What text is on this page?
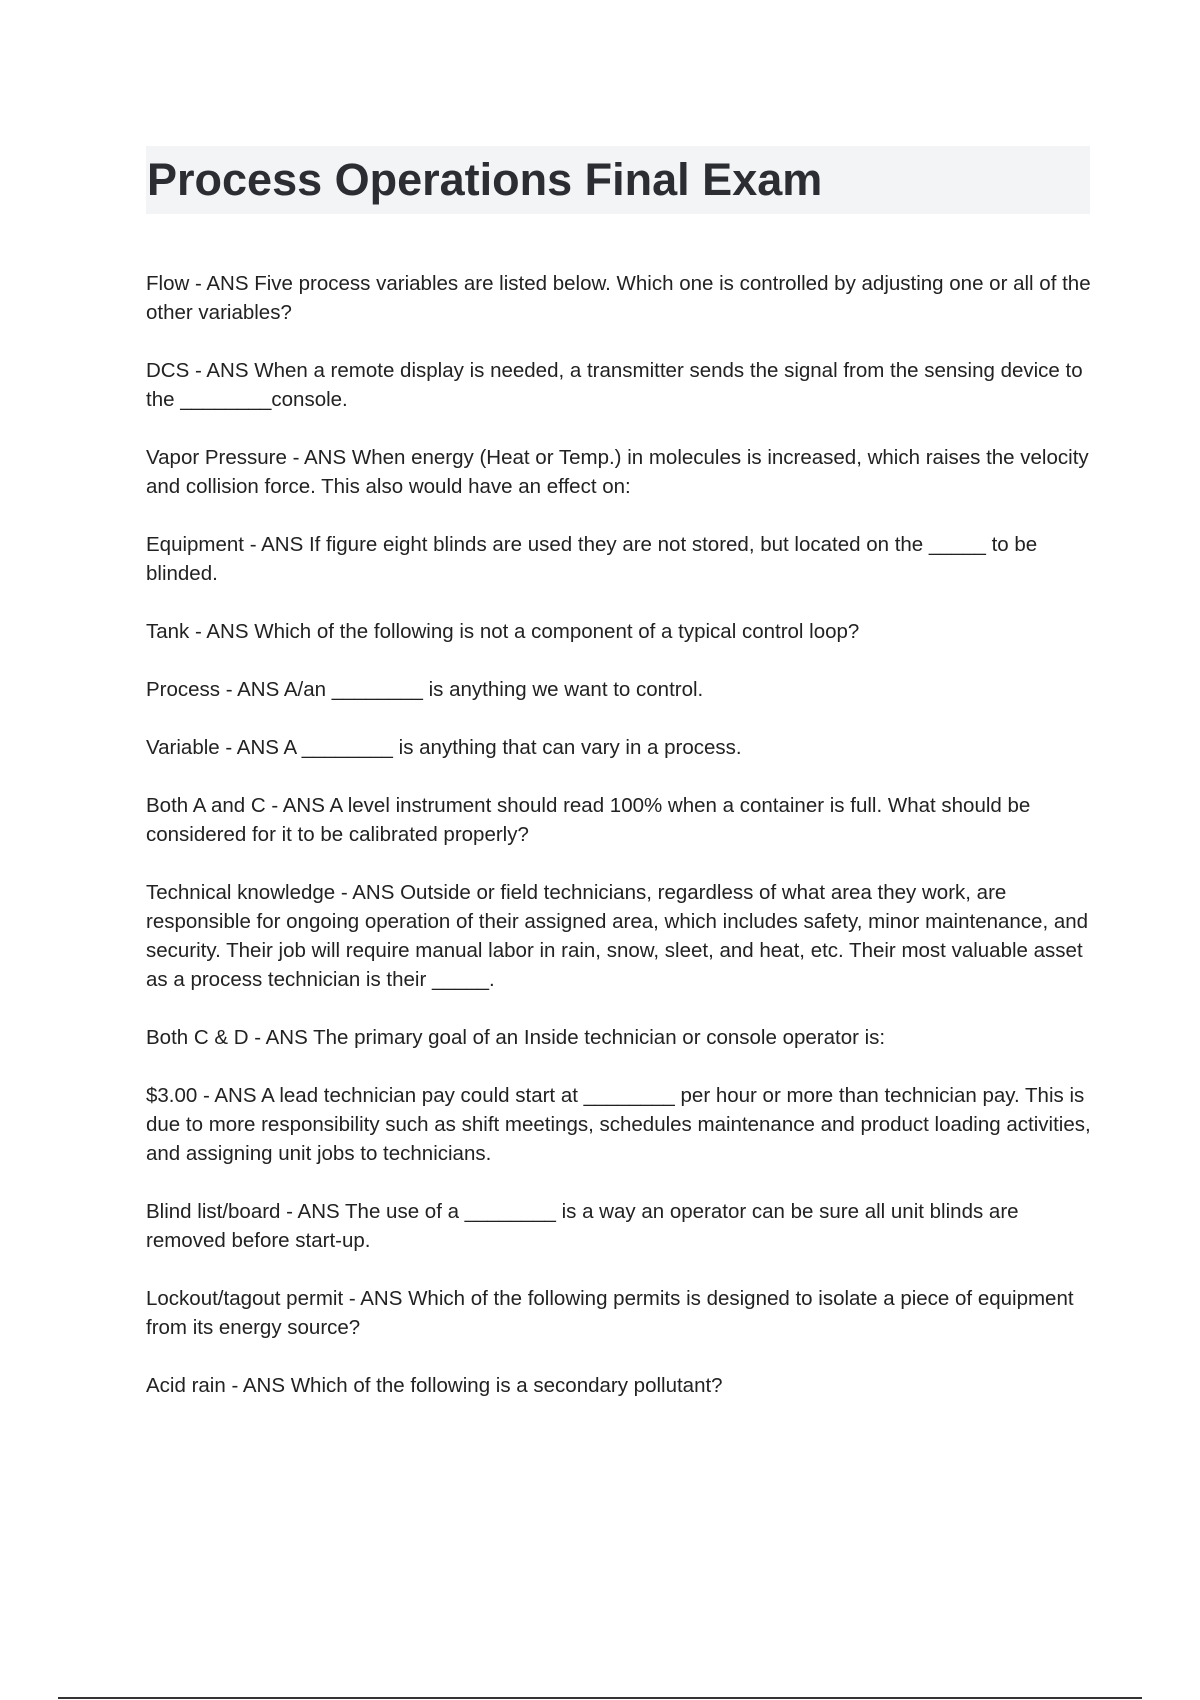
Process Operations Final Exam
Flow - ANS Five process variables are listed below. Which one is controlled by adjusting one or all of the other variables?
DCS - ANS When a remote display is needed, a transmitter sends the signal from the sensing device to the ________console.
Vapor Pressure - ANS When energy (Heat or Temp.) in molecules is increased, which raises the velocity and collision force. This also would have an effect on:
Equipment - ANS If figure eight blinds are used they are not stored, but located on the _____ to be blinded.
Tank - ANS Which of the following is not a component of a typical control loop?
Process - ANS A/an ________ is anything we want to control.
Variable - ANS A ________ is anything that can vary in a process.
Both A and C - ANS A level instrument should read 100% when a container is full. What should be considered for it to be calibrated properly?
Technical knowledge - ANS Outside or field technicians, regardless of what area they work, are responsible for ongoing operation of their assigned area, which includes safety, minor maintenance, and security. Their job will require manual labor in rain, snow, sleet, and heat, etc. Their most valuable asset as a process technician is their _____.
Both C & D - ANS The primary goal of an Inside technician or console operator is:
$3.00 - ANS A lead technician pay could start at ________ per hour or more than technician pay. This is due to more responsibility such as shift meetings, schedules maintenance and product loading activities, and assigning unit jobs to technicians.
Blind list/board - ANS The use of a ________ is a way an operator can be sure all unit blinds are removed before start-up.
Lockout/tagout permit - ANS Which of the following permits is designed to isolate a piece of equipment from its energy source?
Acid rain - ANS Which of the following is a secondary pollutant?
